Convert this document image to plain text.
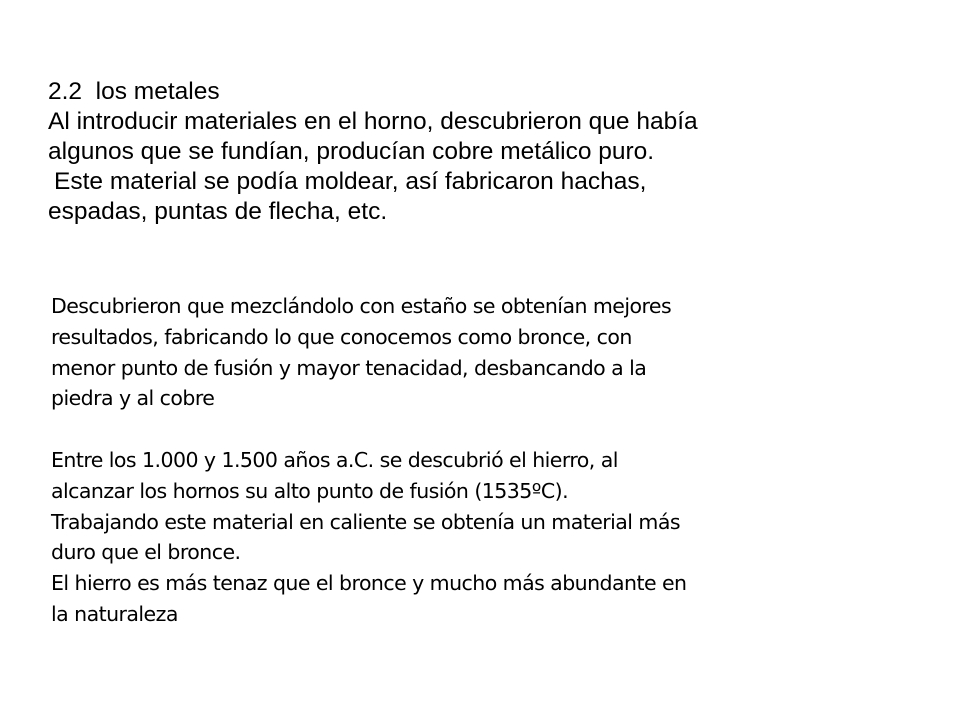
2.2  los metales
Al introducir materiales en el horno, descubrieron que había
algunos que se fundían, producían cobre metálico puro.
Este material se podía moldear, así fabricaron hachas,
espadas, puntas de flecha, etc.
Descubrieron que mezclándolo con estaño se obtenían mejores
resultados, fabricando lo que conocemos como bronce, con
menor punto de fusión y mayor tenacidad, desbancando a la
piedra y al cobre
Entre los 1.000 y 1.500 años a.C. se descubrió el hierro, al
alcanzar los hornos su alto punto de fusión (1535ºC).
Trabajando este material en caliente se obtenía un material más
duro que el bronce.
El hierro es más tenaz que el bronce y mucho más abundante en
la naturaleza
